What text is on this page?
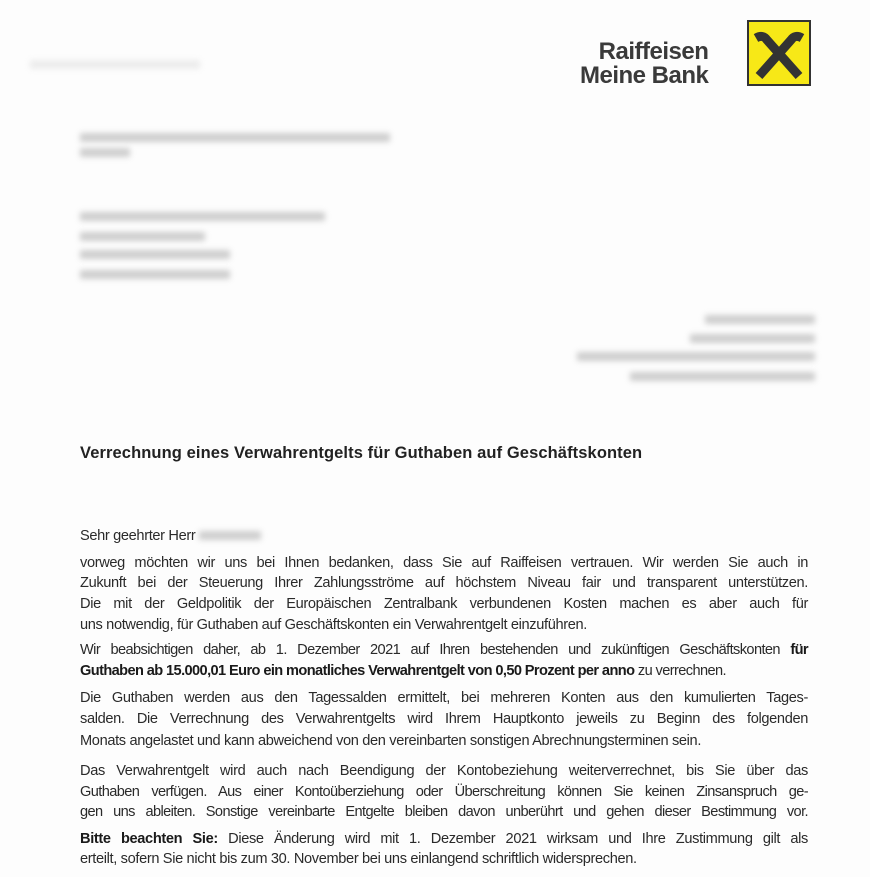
Raiffeisen
Meine Bank
Verrechnung eines Verwahrentgelts für Guthaben auf Geschäftskonten
Sehr geehrter Herr
vorweg möchten wir uns bei Ihnen bedanken, dass Sie auf Raiffeisen vertrauen. Wir werden Sie auch in
Zukunft bei der Steuerung Ihrer Zahlungsströme auf höchstem Niveau fair und transparent unterstützen.
Die mit der Geldpolitik der Europäischen Zentralbank verbundenen Kosten machen es aber auch für
uns notwendig, für Guthaben auf Geschäftskonten ein Verwahrentgelt einzuführen.
Wir beabsichtigen daher, ab 1. Dezember 2021 auf Ihren bestehenden und zukünftigen Geschäftskonten für
Guthaben ab 15.000,01 Euro ein monatliches Verwahrentgelt von 0,50 Prozent per anno zu verrechnen.
Die Guthaben werden aus den Tagessalden ermittelt, bei mehreren Konten aus den kumulierten Tages-
salden. Die Verrechnung des Verwahrentgelts wird Ihrem Hauptkonto jeweils zu Beginn des folgenden
Monats angelastet und kann abweichend von den vereinbarten sonstigen Abrechnungsterminen sein.
Das Verwahrentgelt wird auch nach Beendigung der Kontobeziehung weiterverrechnet, bis Sie über das
Guthaben verfügen. Aus einer Kontoüberziehung oder Überschreitung können Sie keinen Zinsanspruch ge-
gen uns ableiten. Sonstige vereinbarte Entgelte bleiben davon unberührt und gehen dieser Bestimmung vor.
Bitte beachten Sie: Diese Änderung wird mit 1. Dezember 2021 wirksam und Ihre Zustimmung gilt als
erteilt, sofern Sie nicht bis zum 30. November bei uns einlangend schriftlich widersprechen.
